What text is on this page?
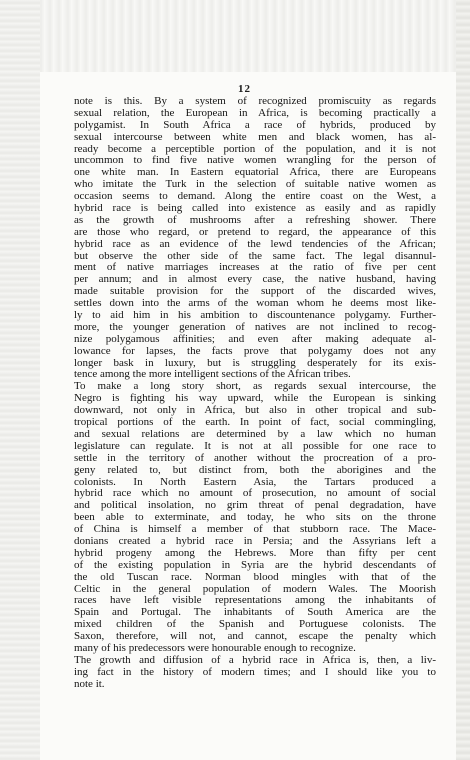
12

note is this. By a system of recognized promiscuity as regards
sexual relation, the European in Africa, is becoming practically a
polygamist. In South Africa a race of hybrids, produced by
sexual intercourse between white men and black women, has al-
ready become a perceptible portion of the population, and it is not
uncommon to find five native women wrangling for the person of
one white man. In Eastern equatorial Africa, there are Europeans
who imitate the Turk in the selection of suitable native women as
occasion seems to demand. Along the entire coast on the West, a
hybrid race is being called into existence as easily and as rapidly
as the growth of mushrooms after a refreshing shower. There
are those who regard, or pretend to regard, the appearance of this
hybrid race as an evidence of the lewd tendencies of the African;
but observe the other side of the same fact. The legal disannul-
ment of native marriages increases at the ratio of five per cent
per annum; and in almost every case, the native husband, having
made suitable provision for the support of the discarded wives,
settles down into the arms of the woman whom he deems most like-
ly to aid him in his ambition to discountenance polygamy. Further-
more, the younger generation of natives are not inclined to recog-
nize polygamous affinities; and even after making adequate al-
lowance for lapses, the facts prove that polygamy does not any
longer bask in luxury, but is struggling desperately for its exis-
tence among the more intelligent sections of the African tribes.
To make a long story short, as regards sexual intercourse, the
Negro is fighting his way upward, while the European is sinking
downward, not only in Africa, but also in other tropical and sub-
tropical portions of the earth. In point of fact, social commingling,
and sexual relations are determined by a law which no human
legislature can regulate. It is not at all possible for one race to
settle in the territory of another without the procreation of a pro-
geny related to, but distinct from, both the aborigines and the
colonists. In North Eastern Asia, the Tartars produced a
hybrid race which no amount of prosecution, no amount of social
and political insolation, no grim threat of penal degradation, have
been able to exterminate, and today, he who sits on the throne
of China is himself a member of that stubborn race. The Mace-
donians created a hybrid race in Persia; and the Assyrians left a
hybrid progeny among the Hebrews. More than fifty per cent
of the existing population in Syria are the hybrid descendants of
the old Tuscan race. Norman blood mingles with that of the
Celtic in the general population of modern Wales. The Moorish
races have left visible representations among the inhabitants of
Spain and Portugal. The inhabitants of South America are the
mixed children of the Spanish and Portuguese colonists. The
Saxon, therefore, will not, and cannot, escape the penalty which
many of his predecessors were honourable enough to recognize.
The growth and diffusion of a hybrid race in Africa is, then, a liv-
ing fact in the history of modern times; and I should like you to
note it.
